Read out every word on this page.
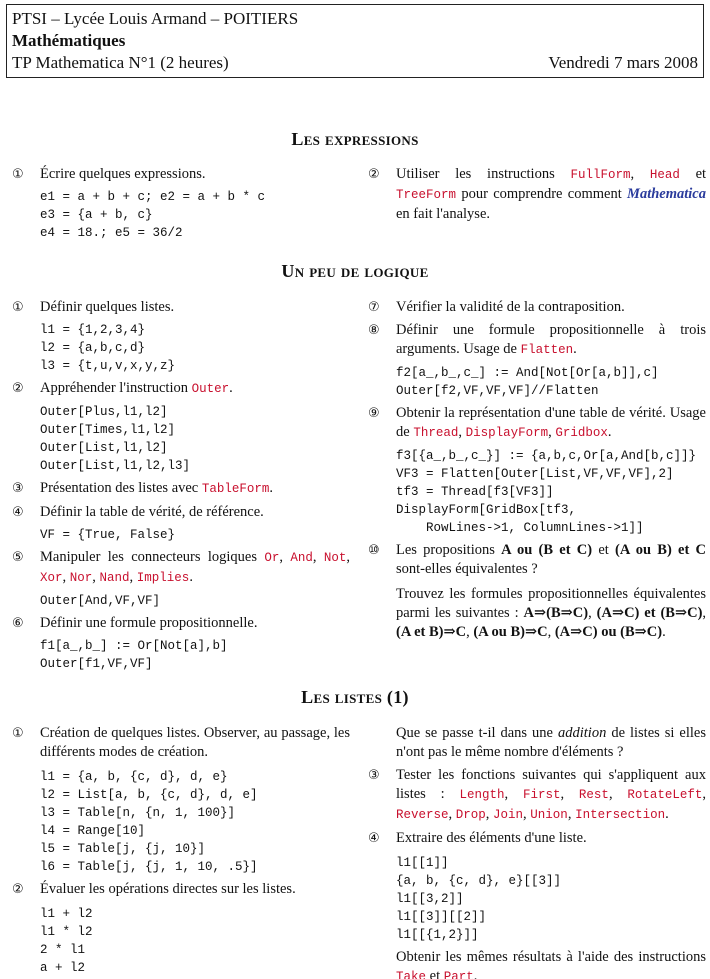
PTSI – Lycée Louis Armand – POITIERS
Mathématiques
TP Mathematica N°1 (2 heures)	Vendredi 7 mars 2008
Les expressions
① Écrire quelques expressions.
e1 = a + b + c; e2 = a + b * c
e3 = {a + b, c}
e4 = 18.; e5 = 36/2
② Utiliser les instructions FullForm, Head et TreeForm pour comprendre comment Mathematica en fait l'analyse.
Un peu de logique
① Définir quelques listes.
l1 = {1,2,3,4}
l2 = {a,b,c,d}
l3 = {t,u,v,x,y,z}
② Appréhender l'instruction Outer.
Outer[Plus,l1,l2]
Outer[Times,l1,l2]
Outer[List,l1,l2]
Outer[List,l1,l2,l3]
③ Présentation des listes avec TableForm.
④ Définir la table de vérité, de référence.
VF = {True, False}
⑤ Manipuler les connecteurs logiques Or, And, Not, Xor, Nor, Nand, Implies.
Outer[And,VF,VF]
⑥ Définir une formule propositionnelle.
f1[a_,b_] := Or[Not[a],b]
Outer[f1,VF,VF]
⑦ Vérifier la validité de la contraposition.
⑧ Définir une formule propositionnelle à trois arguments. Usage de Flatten.
f2[a_,b_,c_] := And[Not[Or[a,b]],c]
Outer[f2,VF,VF,VF]//Flatten
⑨ Obtenir la représentation d'une table de vérité. Usage de Thread, DisplayForm, Gridbox.
f3[{a_,b_,c_}] := {a,b,c,Or[a,And[b,c]]}
VF3 = Flatten[Outer[List,VF,VF,VF],2]
tf3 = Thread[f3[VF3]]
DisplayForm[GridBox[tf3,
RowLines->1, ColumnLines->1]]
⑩ Les propositions A ou (B et C) et (A ou B) et C sont-elles équivalentes ?
Trouvez les formules propositionnelles équivalentes parmi les suivantes : A⇒(B⇒C), (A⇒C) et (B⇒C), (A et B)⇒C, (A ou B)⇒C, (A⇒C) ou (B⇒C).
Les listes (1)
① Création de quelques listes. Observer, au passage, les différents modes de création.
l1 = {a, b, {c, d}, d, e}
l2 = List[a, b, {c, d}, d, e]
l3 = Table[n, {n, 1, 100}]
l4 = Range[10]
l5 = Table[j, {j, 10}]
l6 = Table[j, {j, 1, 10, .5}]
② Évaluer les opérations directes sur les listes.
l1 + l2
l1 * l2
2 * l1
a + l2
Que se passe t-il dans une addition de listes si elles n'ont pas le même nombre d'éléments ?
③ Tester les fonctions suivantes qui s'appliquent aux listes : Length, First, Rest, RotateLeft, Reverse, Drop, Join, Union, Intersection.
④ Extraire des éléments d'une liste.
l1[[1]]
{a, b, {c, d}, e}[[3]]
l1[[3,2]]
l1[[3]][[2]]
l1[[{1,2}]]
Obtenir les mêmes résultats à l'aide des instructions Take et Part.
